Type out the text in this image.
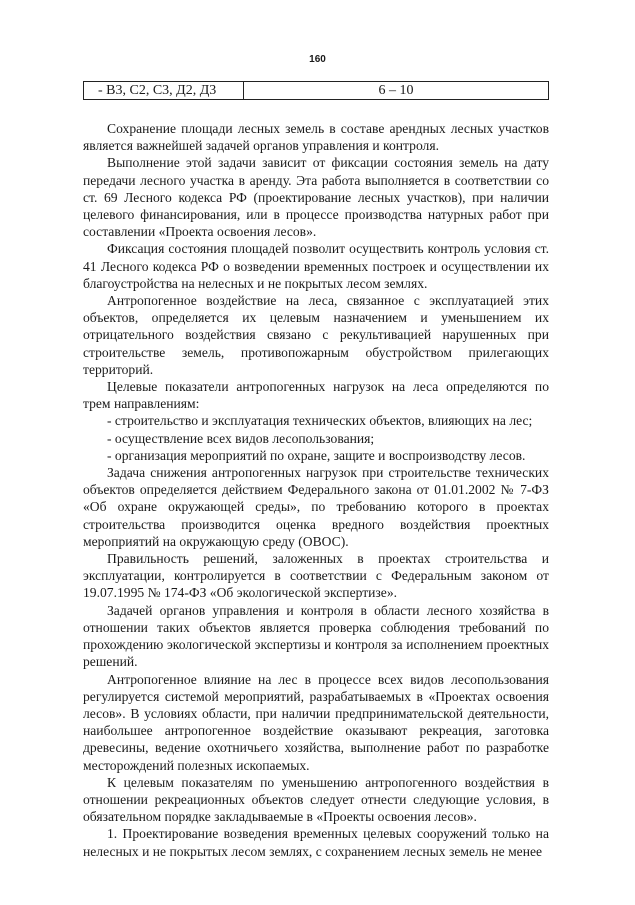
160
- В3, С2, С3, Д2, Д3	6 – 10

Сохранение площади лесных земель в составе арендных лесных участков является важнейшей задачей органов управления и контроля.

Выполнение этой задачи зависит от фиксации состояния земель на дату передачи лесного участка в аренду. Эта работа выполняется в соответствии со ст. 69 Лесного кодекса РФ (проектирование лесных участков), при наличии целевого финансирования, или в процессе производства натурных работ при составлении «Проекта освоения лесов».

Фиксация состояния площадей позволит осуществить контроль условия ст. 41 Лесного кодекса РФ о возведении временных построек и осуществлении их благоустройства на нелесных и не покрытых лесом землях.

Антропогенное воздействие на леса, связанное с эксплуатацией этих объектов, определяется их целевым назначением и уменьшением их отрицательного воздействия связано с рекультивацией нарушенных при строительстве земель, противопожарным обустройством прилегающих территорий.

Целевые показатели антропогенных нагрузок на леса определяются по трем направлениям:

- строительство и эксплуатация технических объектов, влияющих на лес;

- осуществление всех видов лесопользования;

- организация мероприятий по охране, защите и воспроизводству лесов.

Задача снижения антропогенных нагрузок при строительстве технических объектов определяется действием Федерального закона от 01.01.2002 № 7-ФЗ «Об охране окружающей среды», по требованию которого в проектах строительства производится оценка вредного воздействия проектных мероприятий на окружающую среду (ОВОС).

Правильность решений, заложенных в проектах строительства и эксплуатации, контролируется в соответствии с Федеральным законом от 19.07.1995 № 174-ФЗ «Об экологической экспертизе».

Задачей органов управления и контроля в области лесного хозяйства в отношении таких объектов является проверка соблюдения требований по прохождению экологической экспертизы и контроля за исполнением проектных решений.

Антропогенное влияние на лес в процессе всех видов лесопользования регулируется системой мероприятий, разрабатываемых в «Проектах освоения лесов». В условиях области, при наличии предпринимательской деятельности, наибольшее антропогенное воздействие оказывают рекреация, заготовка древесины, ведение охотничьего хозяйства, выполнение работ по разработке месторождений полезных ископаемых.

К целевым показателям по уменьшению антропогенного воздействия в отношении рекреационных объектов следует отнести следующие условия, в обязательном порядке закладываемые в «Проекты освоения лесов».

1. Проектирование возведения временных целевых сооружений только на нелесных и не покрытых лесом землях, с сохранением лесных земель не менее
